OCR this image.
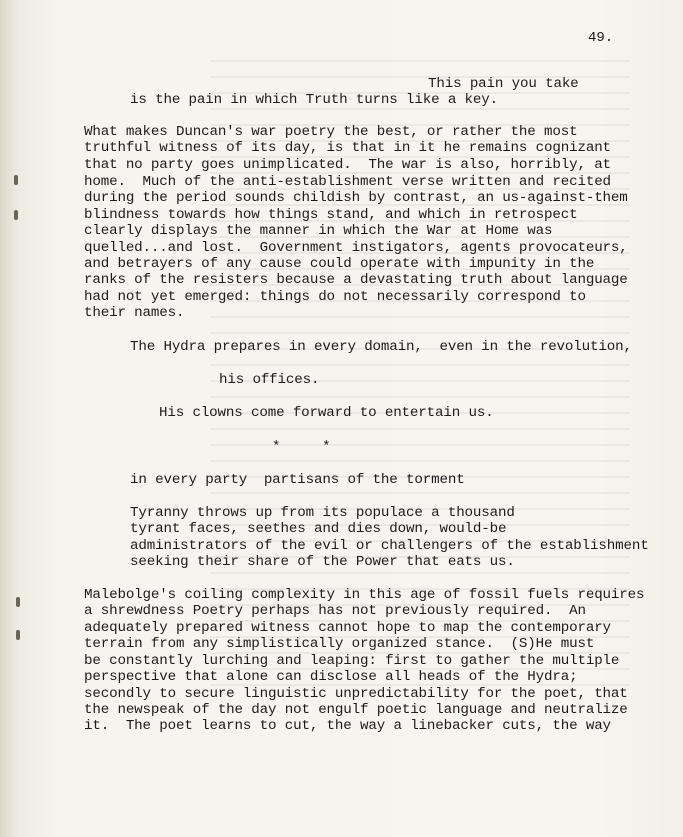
49.
This pain you take
is the pain in which Truth turns like a key.
What makes Duncan's war poetry the best, or rather the most
truthful witness of its day, is that in it he remains cognizant
that no party goes unimplicated.  The war is also, horribly, at
home.  Much of the anti-establishment verse written and recited
during the period sounds childish by contrast, an us-against-them
blindness towards how things stand, and which in retrospect
clearly displays the manner in which the War at Home was
quelled...and lost.  Government instigators, agents provocateurs,
and betrayers of any cause could operate with impunity in the
ranks of the resisters because a devastating truth about language
had not yet emerged: things do not necessarily correspond to
their names.
The Hydra prepares in every domain,  even in the revolution,
his offices.
His clowns come forward to entertain us.
*     *
in every party  partisans of the torment
Tyranny throws up from its populace a thousand
tyrant faces, seethes and dies down, would-be
administrators of the evil or challengers of the establishment
seeking their share of the Power that eats us.
Malebolge's coiling complexity in this age of fossil fuels requires
a shrewdness Poetry perhaps has not previously required.  An
adequately prepared witness cannot hope to map the contemporary
terrain from any simplistically organized stance.  (S)He must
be constantly lurching and leaping: first to gather the multiple
perspective that alone can disclose all heads of the Hydra;
secondly to secure linguistic unpredictability for the poet, that
the newspeak of the day not engulf poetic language and neutralize
it.  The poet learns to cut, the way a linebacker cuts, the way
